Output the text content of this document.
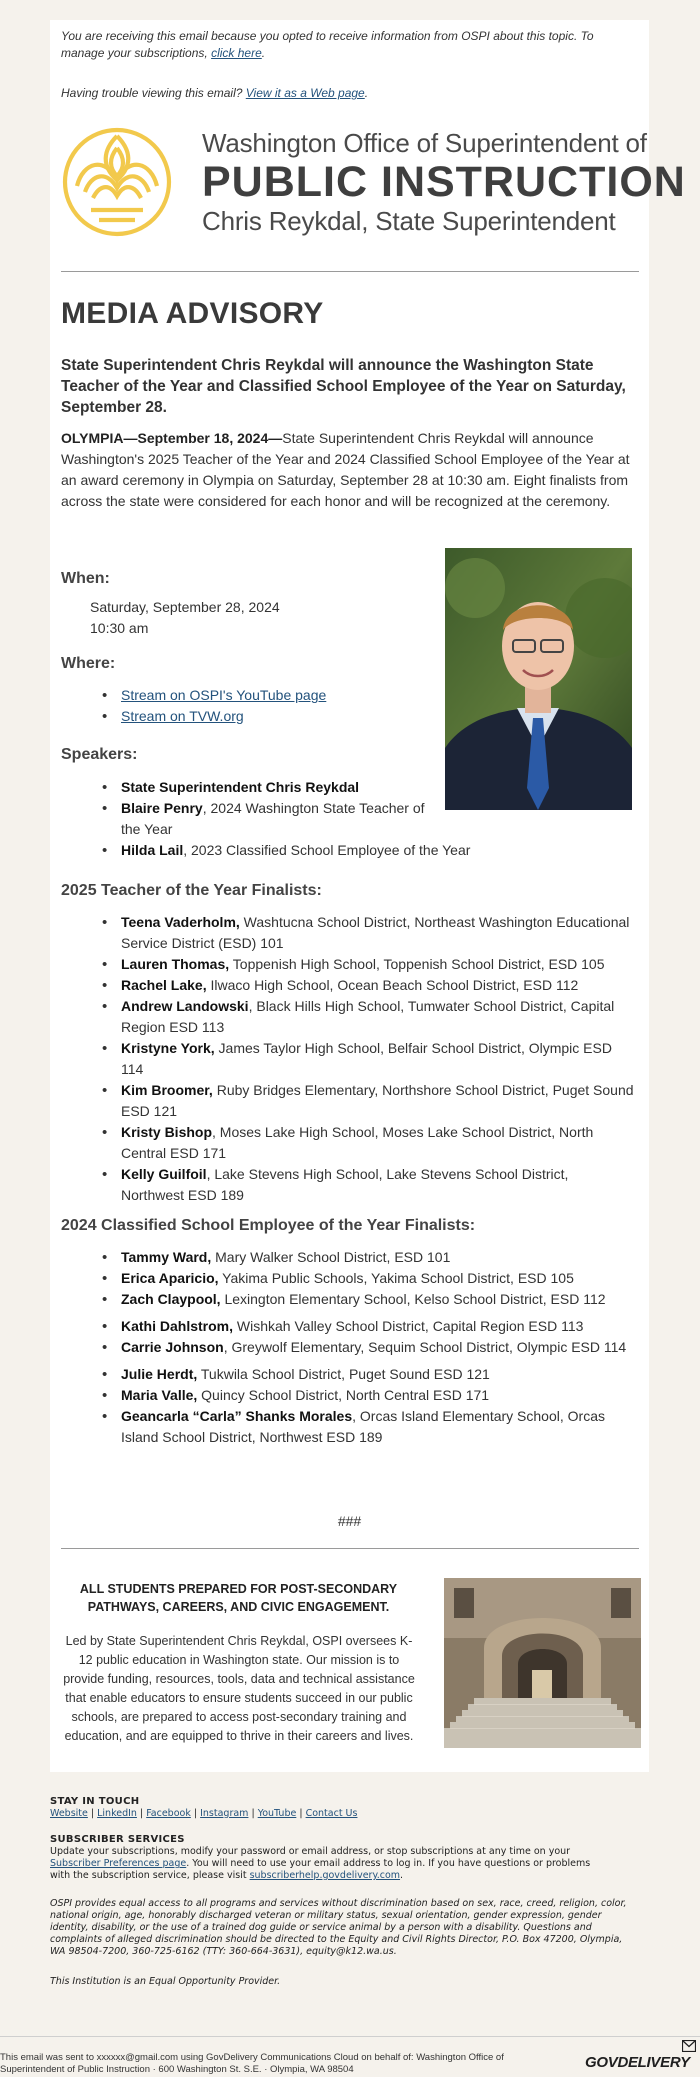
You are receiving this email because you opted to receive information from OSPI about this topic. To manage your subscriptions, click here.
Having trouble viewing this email? View it as a Web page.
Washington Office of Superintendent of
PUBLIC INSTRUCTION
Chris Reykdal, State Superintendent
MEDIA ADVISORY
State Superintendent Chris Reykdal will announce the Washington State Teacher of the Year and Classified School Employee of the Year on Saturday, September 28.
OLYMPIA—September 18, 2024—State Superintendent Chris Reykdal will announce Washington's 2025 Teacher of the Year and 2024 Classified School Employee of the Year at an award ceremony in Olympia on Saturday, September 28 at 10:30 am. Eight finalists from across the state were considered for each honor and will be recognized at the ceremony.
When:
Saturday, September 28, 2024
10:30 am
Where:
• Stream on OSPI's YouTube page
• Stream on TVW.org
Speakers:
• State Superintendent Chris Reykdal
• Blaire Penry, 2024 Washington State Teacher of the Year
• Hilda Lail, 2023 Classified School Employee of the Year
2025 Teacher of the Year Finalists:
• Teena Vaderholm, Washtucna School District, Northeast Washington Educational Service District (ESD) 101
• Lauren Thomas, Toppenish High School, Toppenish School District, ESD 105
• Rachel Lake, Ilwaco High School, Ocean Beach School District, ESD 112
• Andrew Landowski, Black Hills High School, Tumwater School District, Capital Region ESD 113
• Kristyne York, James Taylor High School, Belfair School District, Olympic ESD 114
• Kim Broomer, Ruby Bridges Elementary, Northshore School District, Puget Sound ESD 121
• Kristy Bishop, Moses Lake High School, Moses Lake School District, North Central ESD 171
• Kelly Guilfoil, Lake Stevens High School, Lake Stevens School District, Northwest ESD 189
2024 Classified School Employee of the Year Finalists:
• Tammy Ward, Mary Walker School District, ESD 101
• Erica Aparicio, Yakima Public Schools, Yakima School District, ESD 105
• Zach Claypool, Lexington Elementary School, Kelso School District, ESD 112
• Kathi Dahlstrom, Wishkah Valley School District, Capital Region ESD 113
• Carrie Johnson, Greywolf Elementary, Sequim School District, Olympic ESD 114
• Julie Herdt, Tukwila School District, Puget Sound ESD 121
• Maria Valle, Quincy School District, North Central ESD 171
• Geancarla “Carla” Shanks Morales, Orcas Island Elementary School, Orcas Island School District, Northwest ESD 189
###
ALL STUDENTS PREPARED FOR POST-SECONDARY PATHWAYS, CAREERS, AND CIVIC ENGAGEMENT.
Led by State Superintendent Chris Reykdal, OSPI oversees K-12 public education in Washington state. Our mission is to provide funding, resources, tools, data and technical assistance that enable educators to ensure students succeed in our public schools, are prepared to access post-secondary training and education, and are equipped to thrive in their careers and lives.
STAY IN TOUCH
Website | LinkedIn | Facebook | Instagram | YouTube | Contact Us
SUBSCRIBER SERVICES
Update your subscriptions, modify your password or email address, or stop subscriptions at any time on your Subscriber Preferences page. You will need to use your email address to log in. If you have questions or problems with the subscription service, please visit subscriberhelp.govdelivery.com.
OSPI provides equal access to all programs and services without discrimination based on sex, race, creed, religion, color, national origin, age, honorably discharged veteran or military status, sexual orientation, gender expression, gender identity, disability, or the use of a trained dog guide or service animal by a person with a disability. Questions and complaints of alleged discrimination should be directed to the Equity and Civil Rights Director, P.O. Box 47200, Olympia, WA 98504-7200, 360-725-6162 (TTY: 360-664-3631), equity@k12.wa.us.
This Institution is an Equal Opportunity Provider.
This email was sent to xxxxxx@gmail.com using GovDelivery Communications Cloud on behalf of: Washington Office of Superintendent of Public Instruction · 600 Washington St. S.E. · Olympia, WA 98504	GOVDELIVERY
